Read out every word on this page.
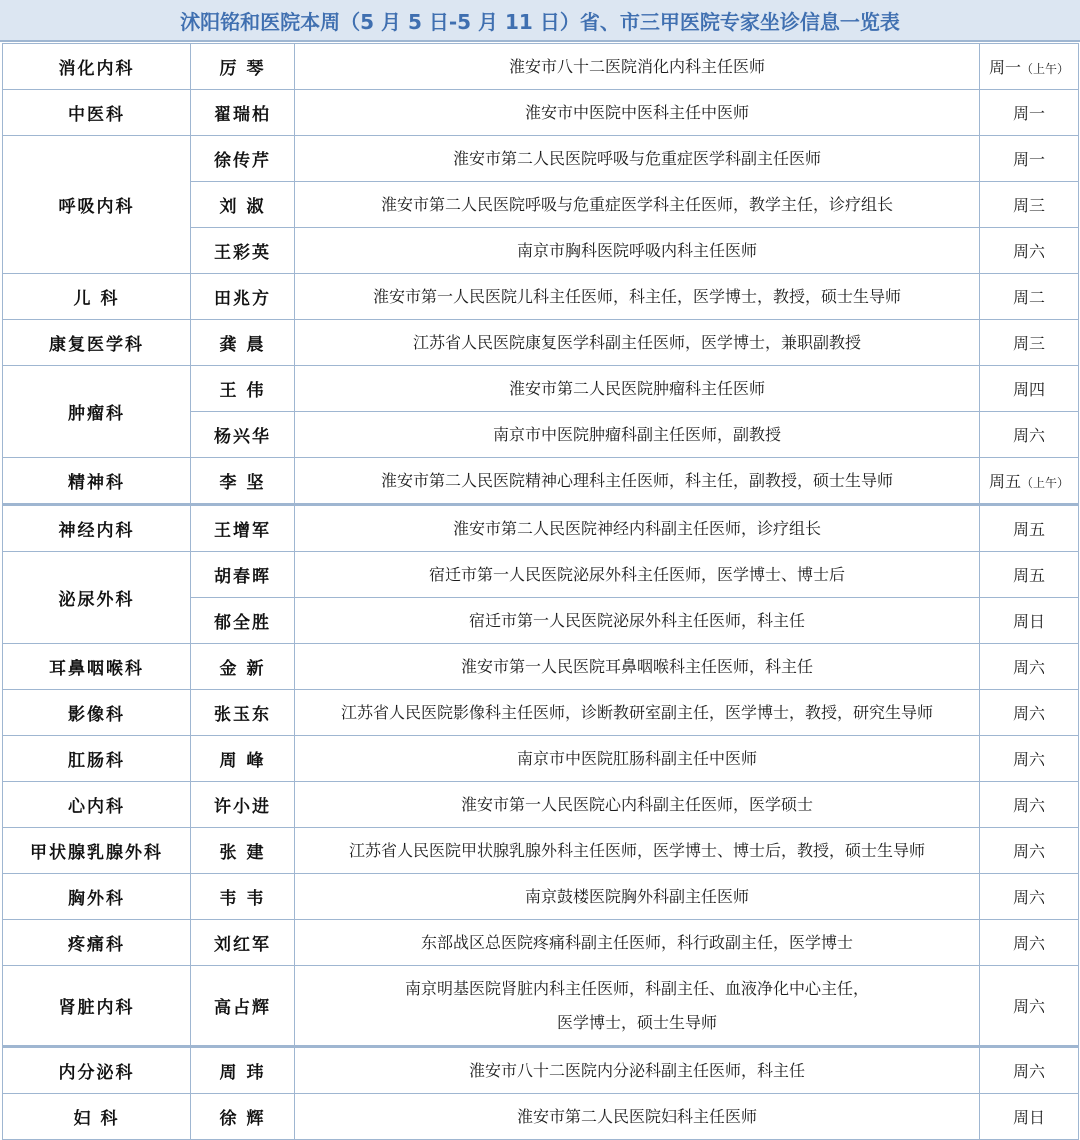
沭阳铭和医院本周（5 月 5 日-5 月 11 日）省、市三甲医院专家坐诊信息一览表
消化内科	厉 琴	淮安市八十二医院消化内科主任医师	周一（上午）
中医科	翟瑞柏	淮安市中医院中医科主任中医师	周一
呼吸内科	徐传芹	淮安市第二人民医院呼吸与危重症医学科副主任医师	周一
	刘 淑	淮安市第二人民医院呼吸与危重症医学科主任医师，教学主任，诊疗组长	周三
	王彩英	南京市胸科医院呼吸内科主任医师	周六
儿 科	田兆方	淮安市第一人民医院儿科主任医师，科主任，医学博士，教授，硕士生导师	周二
康复医学科	龚 晨	江苏省人民医院康复医学科副主任医师，医学博士，兼职副教授	周三
肿瘤科	王 伟	淮安市第二人民医院肿瘤科主任医师	周四
	杨兴华	南京市中医院肿瘤科副主任医师，副教授	周六
精神科	李 坚	淮安市第二人民医院精神心理科主任医师，科主任，副教授，硕士生导师	周五（上午）
神经内科	王增军	淮安市第二人民医院神经内科副主任医师，诊疗组长	周五
泌尿外科	胡春晖	宿迁市第一人民医院泌尿外科主任医师，医学博士、博士后	周五
	郁全胜	宿迁市第一人民医院泌尿外科主任医师，科主任	周日
耳鼻咽喉科	金 新	淮安市第一人民医院耳鼻咽喉科主任医师，科主任	周六
影像科	张玉东	江苏省人民医院影像科主任医师，诊断教研室副主任，医学博士，教授，研究生导师	周六
肛肠科	周 峰	南京市中医院肛肠科副主任中医师	周六
心内科	许小进	淮安市第一人民医院心内科副主任医师，医学硕士	周六
甲状腺乳腺外科	张 建	江苏省人民医院甲状腺乳腺外科主任医师，医学博士、博士后，教授，硕士生导师	周六
胸外科	韦 韦	南京鼓楼医院胸外科副主任医师	周六
疼痛科	刘红军	东部战区总医院疼痛科副主任医师，科行政副主任，医学博士	周六
肾脏内科	高占辉	南京明基医院肾脏内科主任医师，科副主任、血液净化中心主任，
医学博士，硕士生导师	周六
内分泌科	周 玮	淮安市八十二医院内分泌科副主任医师，科主任	周六
妇 科	徐 辉	淮安市第二人民医院妇科主任医师	周日
